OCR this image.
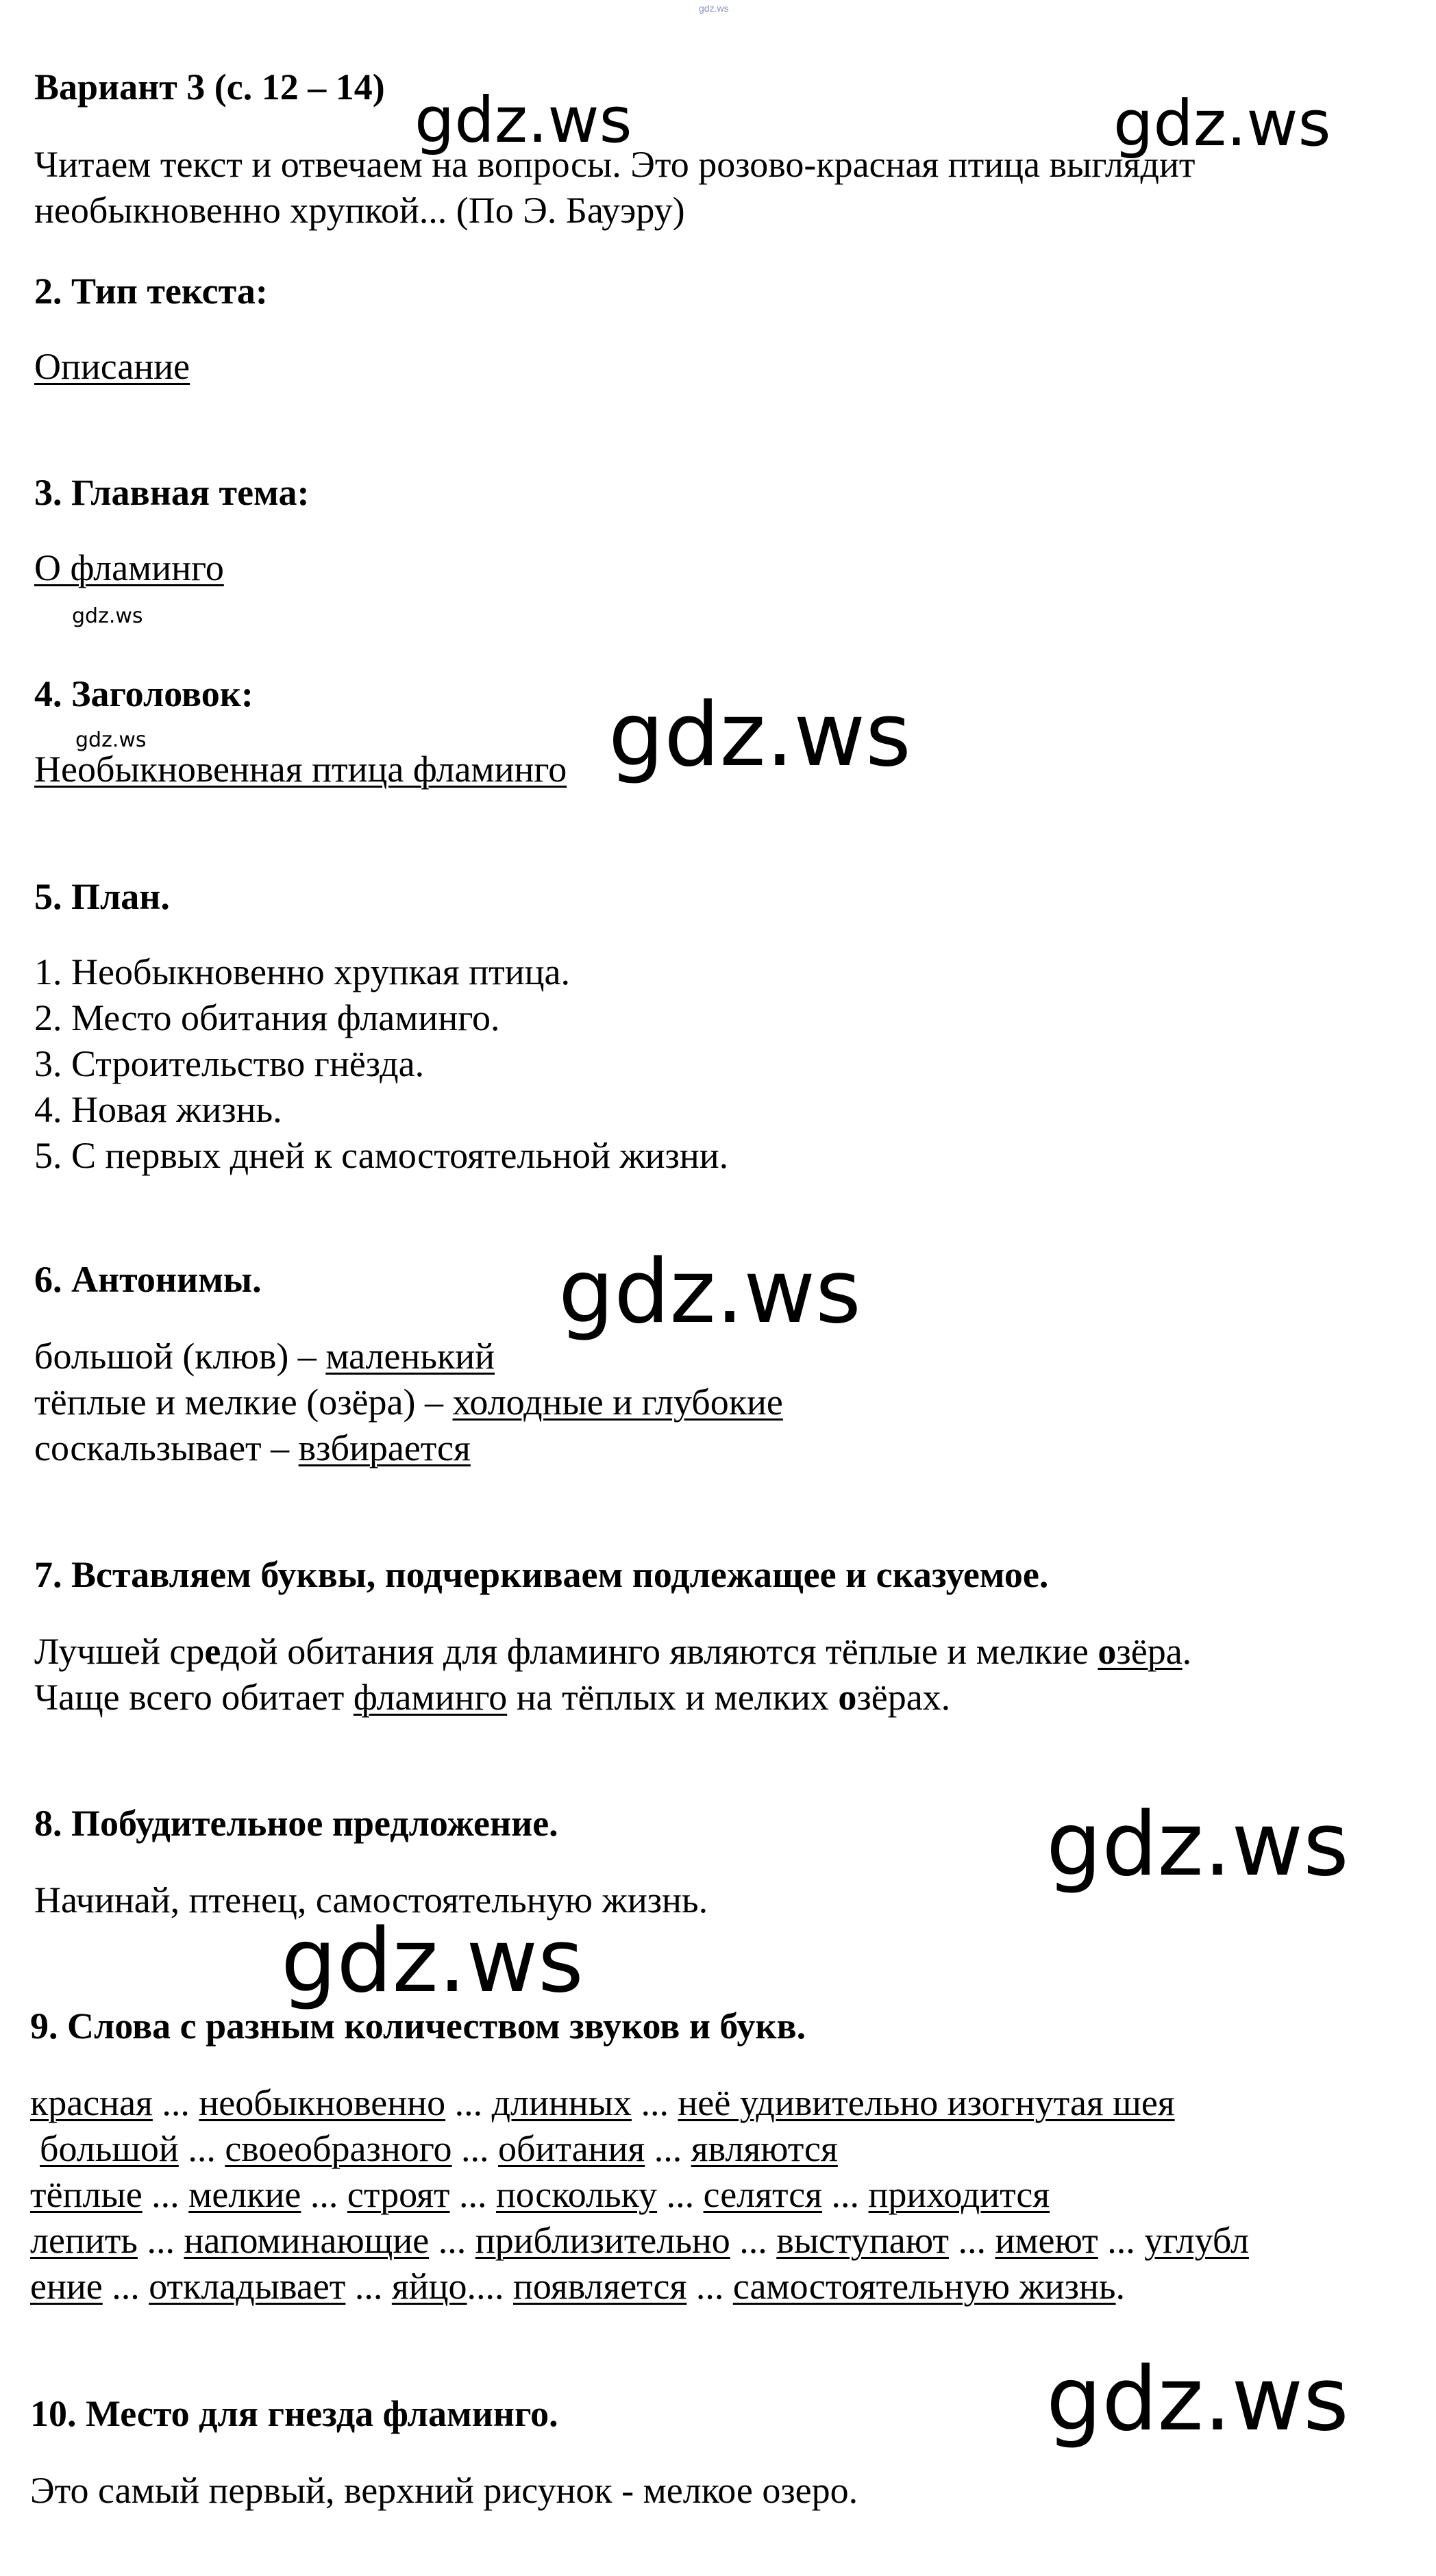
gdz.ws
Вариант 3 (с. 12 – 14)
Читаем текст и отвечаем на вопросы. Это розово-красная птица выглядит
необыкновенно хрупкой... (По Э. Бауэру)
2. Тип текста:
Описание
3. Главная тема:
О фламинго
4. Заголовок:
Необыкновенная птица фламинго
5. План.
1. Необыкновенно хрупкая птица.
2. Место обитания фламинго.
3. Строительство гнёзда.
4. Новая жизнь.
5. С первых дней к самостоятельной жизни.
6. Антонимы.
большой (клюв) – маленький
тёплые и мелкие (озёра) – холодные и глубокие
соскальзывает – взбирается
7. Вставляем буквы, подчеркиваем подлежащее и сказуемое.
Лучшей средой обитания для фламинго являются тёплые и мелкие озёра.
Чаще всего обитает фламинго на тёплых и мелких озёрах.
8. Побудительное предложение.
Начинай, птенец, самостоятельную жизнь.
9. Слова с разным количеством звуков и букв.
красная ... необыкновенно ... длинных ... неё удивительно изогнутая шея
большой ... своеобразного ... обитания ... являются
тёплые ... мелкие ... строят ... поскольку ... селятся ... приходится
лепить ... напоминающие ... приблизительно ... выступают ... имеют ... углубл
ение ... откладывает ... яйцо.... появляется ... самостоятельную жизнь.
10. Место для гнезда фламинго.
Это самый первый, верхний рисунок - мелкое озеро.
gdz.ws	gdz.ws
gdz.ws
gdz.ws	gdz.ws
gdz.ws
gdz.ws
gdz.ws
gdz.ws
